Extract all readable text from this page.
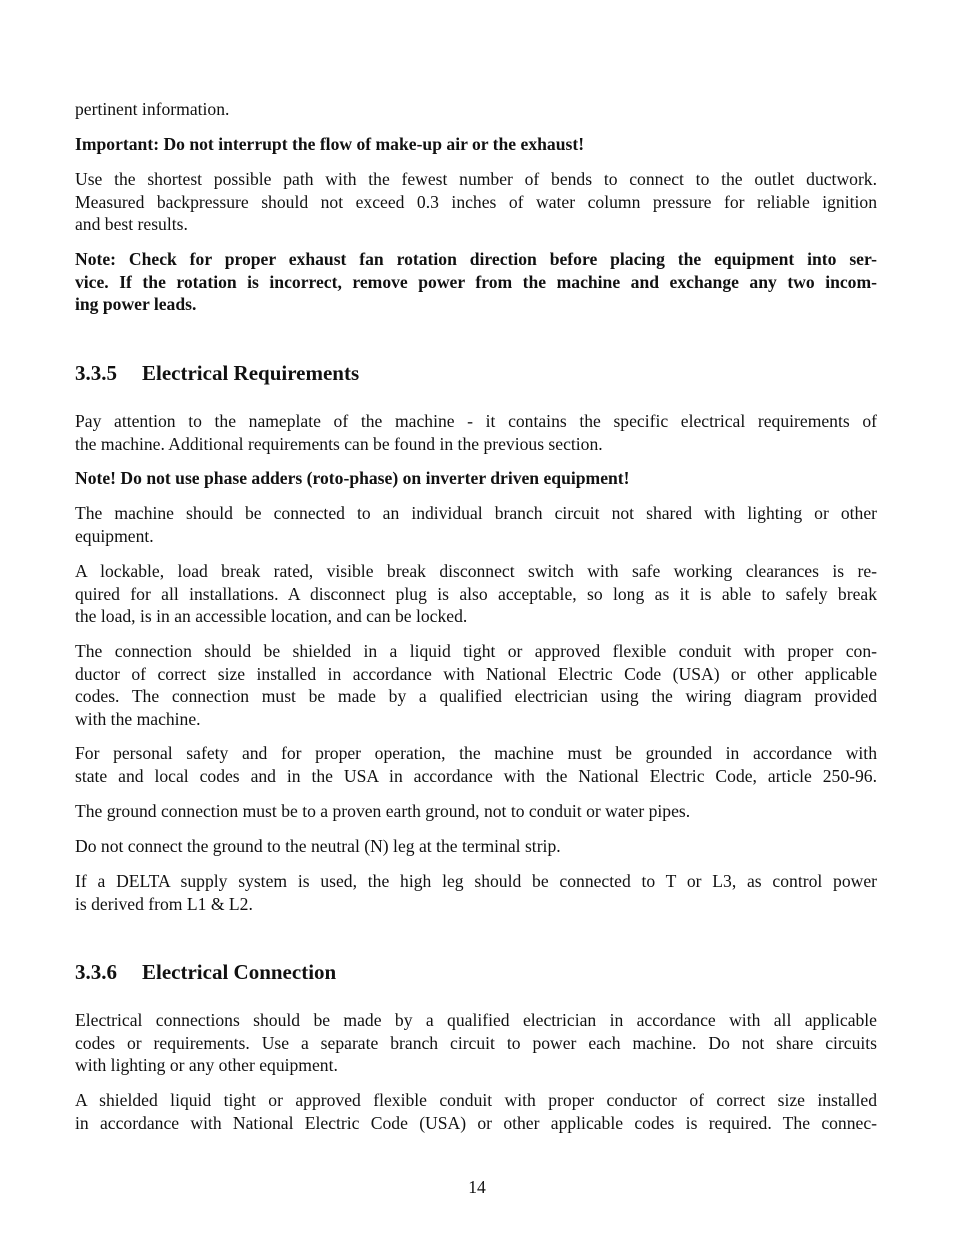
pertinent information.

Important: Do not interrupt the flow of make-up air or the exhaust!

Use the shortest possible path with the fewest number of bends to connect to the outlet ductwork.
Measured backpressure should not exceed 0.3 inches of water column pressure for reliable ignition
and best results.

Note: Check for proper exhaust fan rotation direction before placing the equipment into ser-
vice. If the rotation is incorrect, remove power from the machine and exchange any two incom-
ing power leads.

3.3.5 Electrical Requirements

Pay attention to the nameplate of the machine - it contains the specific electrical requirements of
the machine. Additional requirements can be found in the previous section.

Note! Do not use phase adders (roto-phase) on inverter driven equipment!

The machine should be connected to an individual branch circuit not shared with lighting or other
equipment.

A lockable, load break rated, visible break disconnect switch with safe working clearances is re-
quired for all installations. A disconnect plug is also acceptable, so long as it is able to safely break
the load, is in an accessible location, and can be locked.

The connection should be shielded in a liquid tight or approved flexible conduit with proper con-
ductor of correct size installed in accordance with National Electric Code (USA) or other applicable
codes. The connection must be made by a qualified electrician using the wiring diagram provided
with the machine.

For personal safety and for proper operation, the machine must be grounded in accordance with
state and local codes and in the USA in accordance with the National Electric Code, article 250-96.

The ground connection must be to a proven earth ground, not to conduit or water pipes.

Do not connect the ground to the neutral (N) leg at the terminal strip.

If a DELTA supply system is used, the high leg should be connected to T or L3, as control power
is derived from L1 & L2.

3.3.6 Electrical Connection

Electrical connections should be made by a qualified electrician in accordance with all applicable
codes or requirements. Use a separate branch circuit to power each machine. Do not share circuits
with lighting or any other equipment.

A shielded liquid tight or approved flexible conduit with proper conductor of correct size installed
in accordance with National Electric Code (USA) or other applicable codes is required. The connec-

14
